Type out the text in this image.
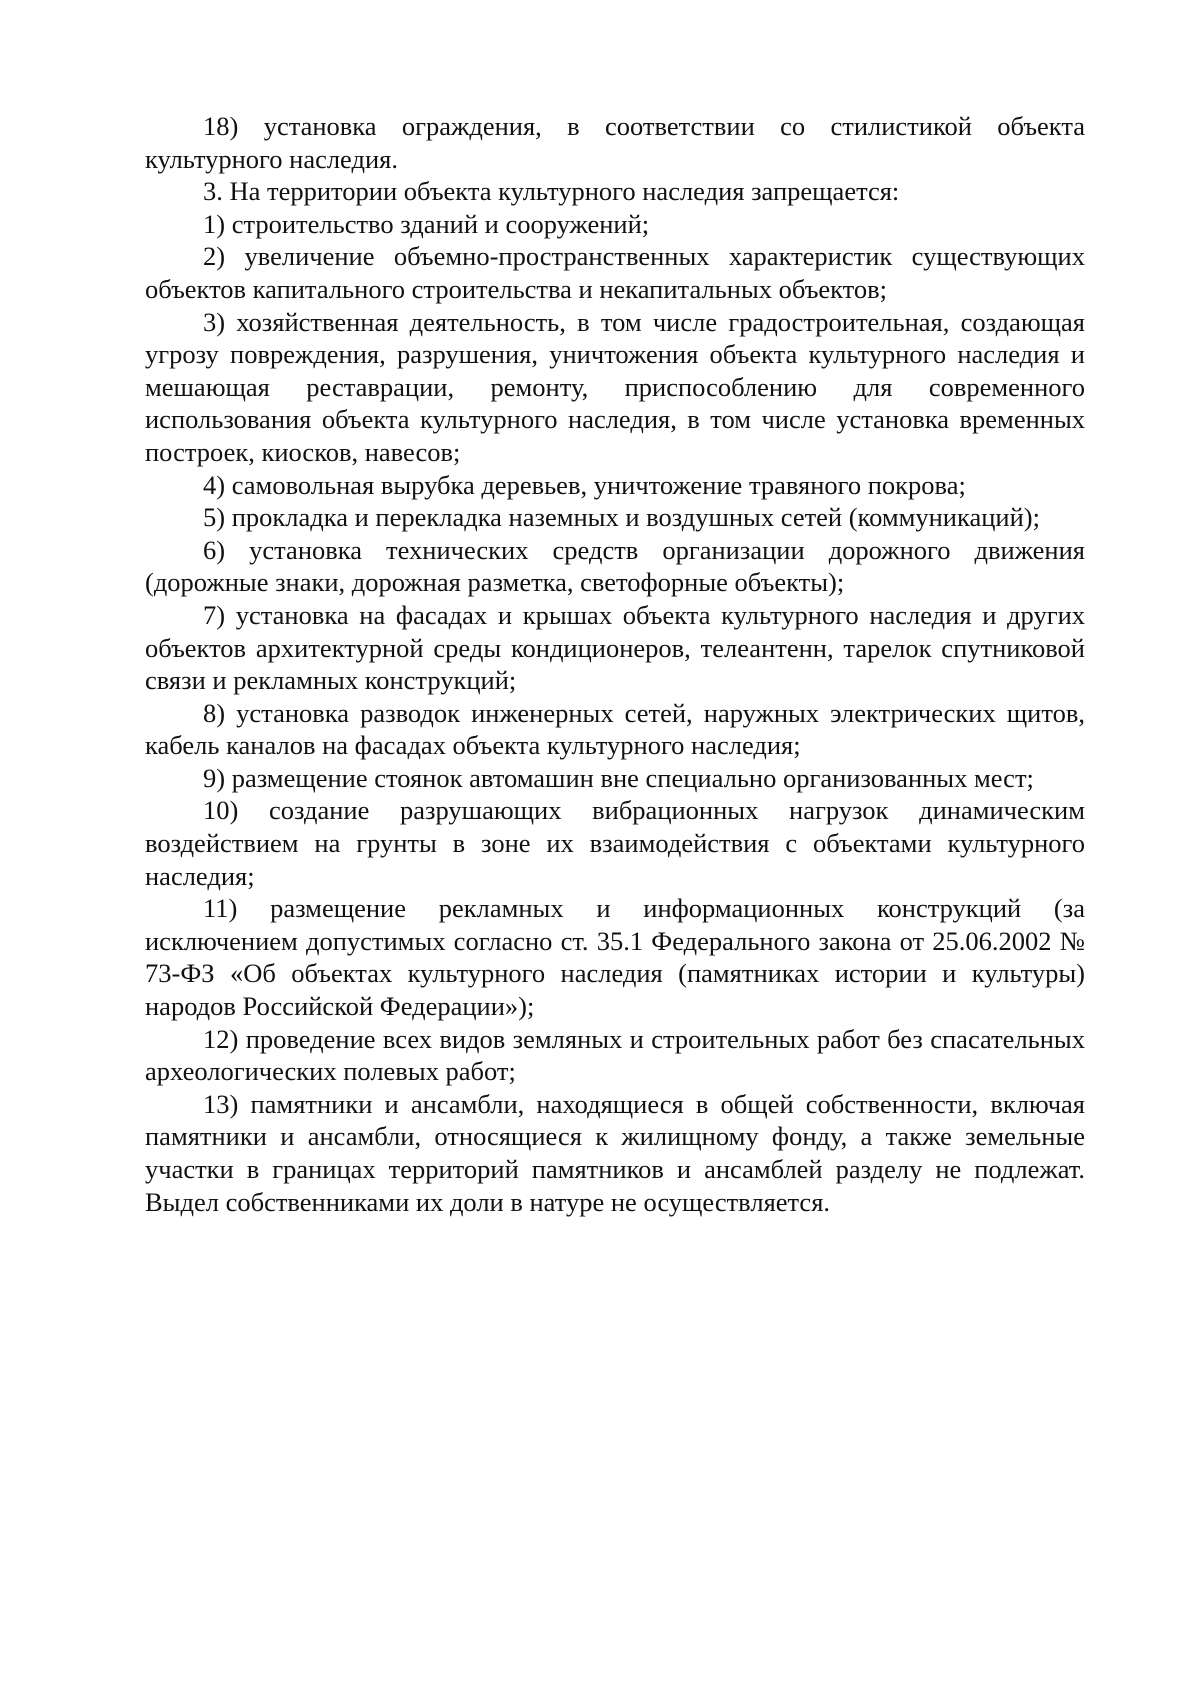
18) установка ограждения, в соответствии со стилистикой объекта культурного наследия.

3. На территории объекта культурного наследия запрещается:

1) строительство зданий и сооружений;

2) увеличение объемно-пространственных характеристик существующих объектов капитального строительства и некапитальных объектов;

3) хозяйственная деятельность, в том числе градостроительная, создающая угрозу повреждения, разрушения, уничтожения объекта культурного наследия и мешающая реставрации, ремонту, приспособлению для современного использования объекта культурного наследия, в том числе установка временных построек, киосков, навесов;

4) самовольная вырубка деревьев, уничтожение травяного покрова;

5) прокладка и перекладка наземных и воздушных сетей (коммуникаций);

6) установка технических средств организации дорожного движения (дорожные знаки, дорожная разметка, светофорные объекты);

7) установка на фасадах и крышах объекта культурного наследия и других объектов архитектурной среды кондиционеров, телеантенн, тарелок спутниковой связи и рекламных конструкций;

8) установка разводок инженерных сетей, наружных электрических щитов, кабель каналов на фасадах объекта культурного наследия;

9) размещение стоянок автомашин вне специально организованных мест;

10) создание разрушающих вибрационных нагрузок динамическим воздействием на грунты в зоне их взаимодействия с объектами культурного наследия;

11) размещение рекламных и информационных конструкций (за исключением допустимых согласно ст. 35.1 Федерального закона от 25.06.2002 № 73-ФЗ «Об объектах культурного наследия (памятниках истории и культуры) народов Российской Федерации»);

12) проведение всех видов земляных и строительных работ без спасательных археологических полевых работ;

13) памятники и ансамбли, находящиеся в общей собственности, включая памятники и ансамбли, относящиеся к жилищному фонду, а также земельные участки в границах территорий памятников и ансамблей разделу не подлежат. Выдел собственниками их доли в натуре не осуществляется.
